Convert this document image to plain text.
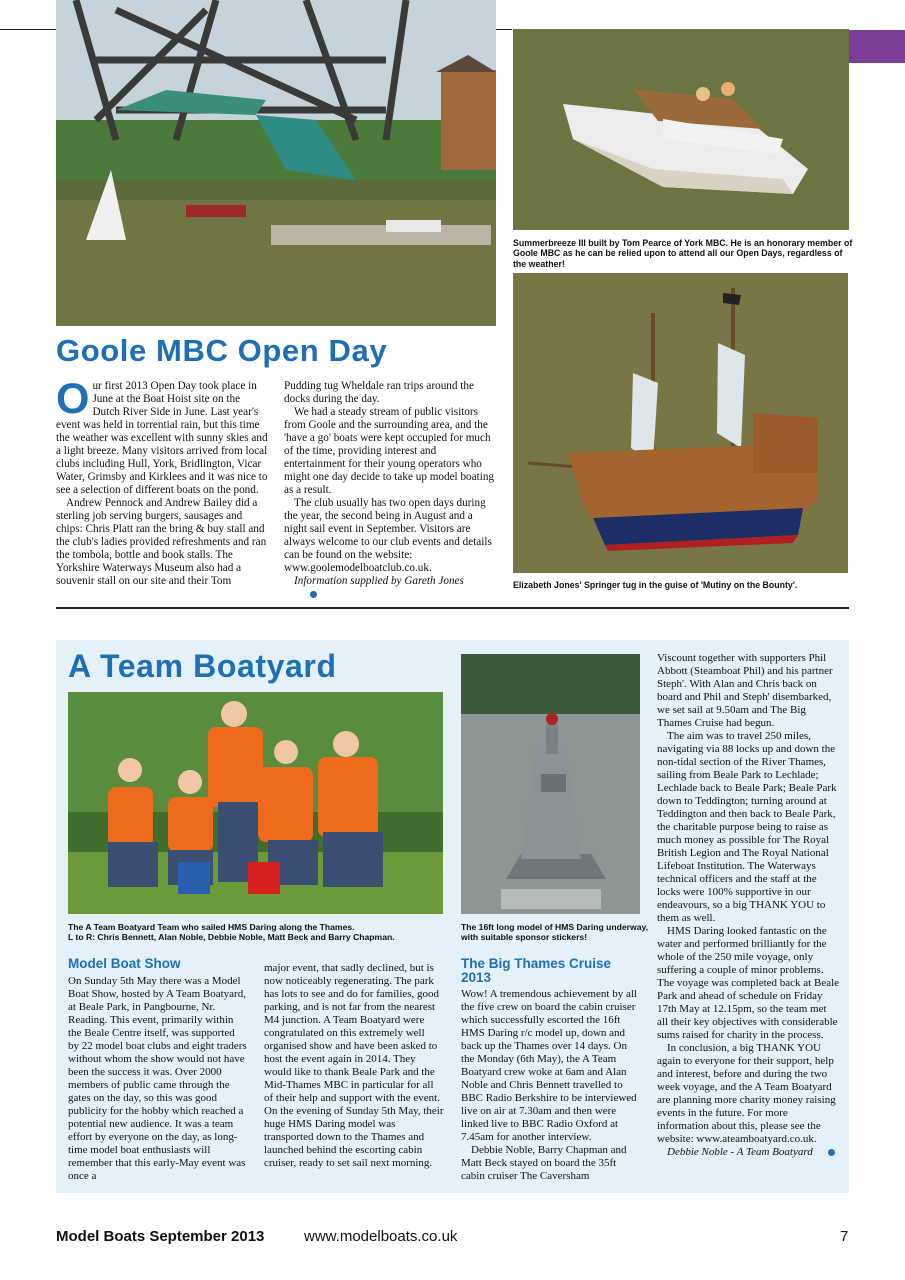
Summerbreeze III built by Tom Pearce of York MBC. He is an honorary member of Goole MBC as he can be relied upon to attend all our Open Days, regardless of the weather!
Elizabeth Jones' Springer tug in the guise of 'Mutiny on the Bounty'.
Goole MBC Open Day
O ur first 2013 Open Day took place in June at the Boat Hoist site on the Dutch River Side in June. Last year's event was held in torrential rain, but this time the weather was excellent with sunny skies and a light breeze. Many visitors arrived from local clubs including Hull, York, Bridlington, Vicar Water, Grimsby and Kirklees and it was nice to see a selection of different boats on the pond.

Andrew Pennock and Andrew Bailey did a sterling job serving burgers, sausages and chips: Chris Platt ran the bring & buy stall and the club's ladies provided refreshments and ran the tombola, bottle and book stalls. The Yorkshire Waterways Museum also had a souvenir stall on our site and their Tom

Pudding tug Wheldale ran trips around the docks during the day.

We had a steady stream of public visitors from Goole and the surrounding area, and the 'have a go' boats were kept occupied for much of the time, providing interest and entertainment for their young operators who might one day decide to take up model boating as a result.

The club usually has two open days during the year, the second being in August and a night sail event in September. Visitors are always welcome to our club events and details can be found on the website: www.goolemodelboatclub.co.uk.

Information supplied by Gareth Jones

A Team Boatyard
The A Team Boatyard Team who sailed HMS Daring along the Thames.
L to R: Chris Bennett, Alan Noble, Debbie Noble, Matt Beck and Barry Chapman.
The 16ft long model of HMS Daring underway, with suitable sponsor stickers!
Model Boat Show

On Sunday 5th May there was a Model Boat Show, hosted by A Team Boatyard, at Beale Park, in Pangbourne, Nr. Reading. This event, primarily within the Beale Centre itself, was supported by 22 model boat clubs and eight traders without whom the show would not have been the success it was. Over 2000 members of public came through the gates on the day, so this was good publicity for the hobby which reached a potential new audience. It was a team effort by everyone on the day, as long-time model boat enthusiasts will remember that this early-May event was once a

major event, that sadly declined, but is now noticeably regenerating. The park has lots to see and do for families, good parking, and is not far from the nearest M4 junction. A Team Boatyard were congratulated on this extremely well organised show and have been asked to host the event again in 2014. They would like to thank Beale Park and the Mid-Thames MBC in particular for all of their help and support with the event. On the evening of Sunday 5th May, their huge HMS Daring model was transported down to the Thames and launched behind the escorting cabin cruiser, ready to set sail next morning.

The Big Thames Cruise 2013

Wow! A tremendous achievement by all the five crew on board the cabin cruiser which successfully escorted the 16ft HMS Daring r/c model up, down and back up the Thames over 14 days. On the Monday (6th May), the A Team Boatyard crew woke at 6am and Alan Noble and Chris Bennett travelled to BBC Radio Berkshire to be interviewed live on air at 7.30am and then were linked live to BBC Radio Oxford at 7.45am for another interview.

Debbie Noble, Barry Chapman and Matt Beck stayed on board the 35ft cabin cruiser The Caversham

Viscount together with supporters Phil Abbott (Steamboat Phil) and his partner Steph'. With Alan and Chris back on board and Phil and Steph' disembarked, we set sail at 9.50am and The Big Thames Cruise had begun.

The aim was to travel 250 miles, navigating via 88 locks up and down the non-tidal section of the River Thames, sailing from Beale Park to Lechlade; Lechlade back to Beale Park; Beale Park down to Teddington; turning around at Teddington and then back to Beale Park, the charitable purpose being to raise as much money as possible for The Royal British Legion and The Royal National Lifeboat Institution. The Waterways technical officers and the staff at the locks were 100% supportive in our endeavours, so a big THANK YOU to them as well.

HMS Daring looked fantastic on the water and performed brilliantly for the whole of the 250 mile voyage, only suffering a couple of minor problems. The voyage was completed back at Beale Park and ahead of schedule on Friday 17th May at 12.15pm, so the team met all their key objectives with considerable sums raised for charity in the process.

In conclusion, a big THANK YOU again to everyone for their support, help and interest, before and during the two week voyage, and the A Team Boatyard are planning more charity money raising events in the future. For more information about this, please see the website: www.ateamboatyard.co.uk.

Debbie Noble - A Team Boatyard

Model Boats September 2013	www.modelboats.co.uk	7
